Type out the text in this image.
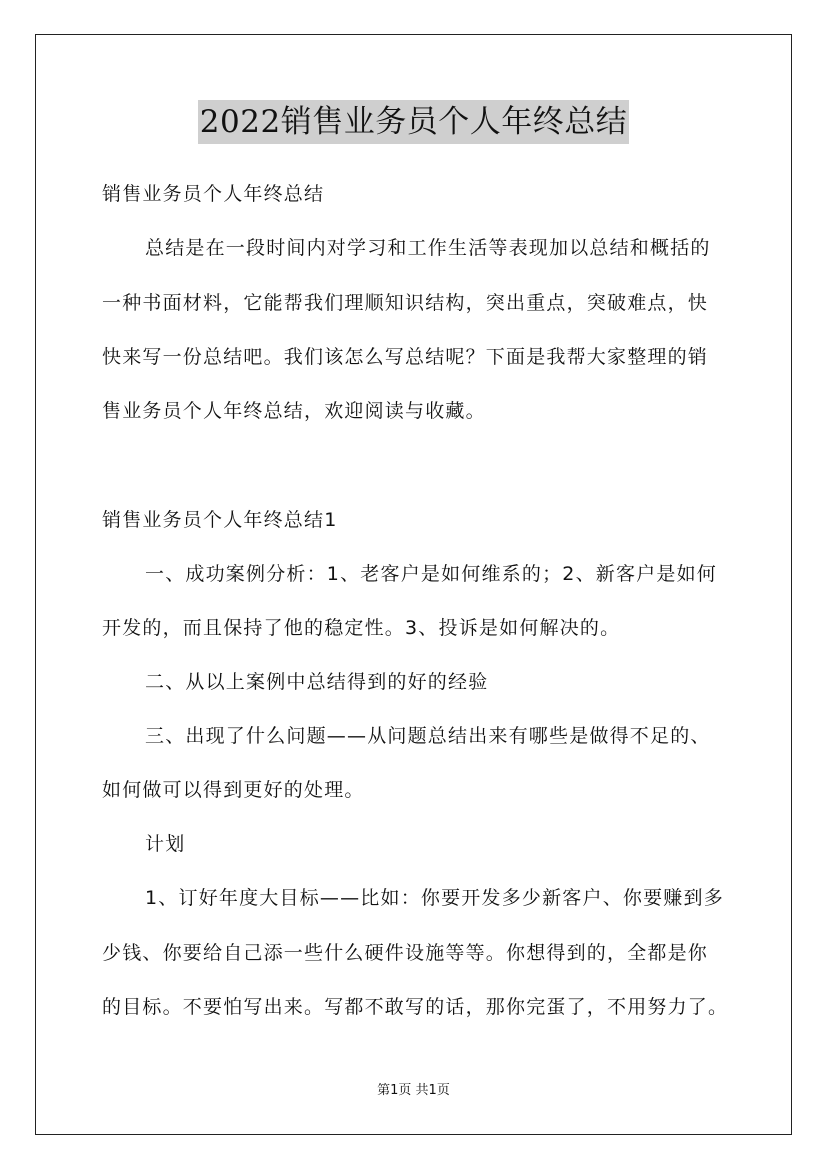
2022销售业务员个人年终总结
销售业务员个人年终总结
总结是在一段时间内对学习和工作生活等表现加以总结和概括的
一种书面材料，它能帮我们理顺知识结构，突出重点，突破难点，快
快来写一份总结吧。我们该怎么写总结呢？下面是我帮大家整理的销
售业务员个人年终总结，欢迎阅读与收藏。
销售业务员个人年终总结1
一、成功案例分析：1、老客户是如何维系的；2、新客户是如何
开发的，而且保持了他的稳定性。3、投诉是如何解决的。
二、从以上案例中总结得到的好的经验
三、出现了什么问题——从问题总结出来有哪些是做得不足的、
如何做可以得到更好的处理。
计划
1、订好年度大目标——比如：你要开发多少新客户、你要赚到多
少钱、你要给自己添一些什么硬件设施等等。你想得到的，全都是你
的目标。不要怕写出来。写都不敢写的话，那你完蛋了，不用努力了。
第1页 共1页
